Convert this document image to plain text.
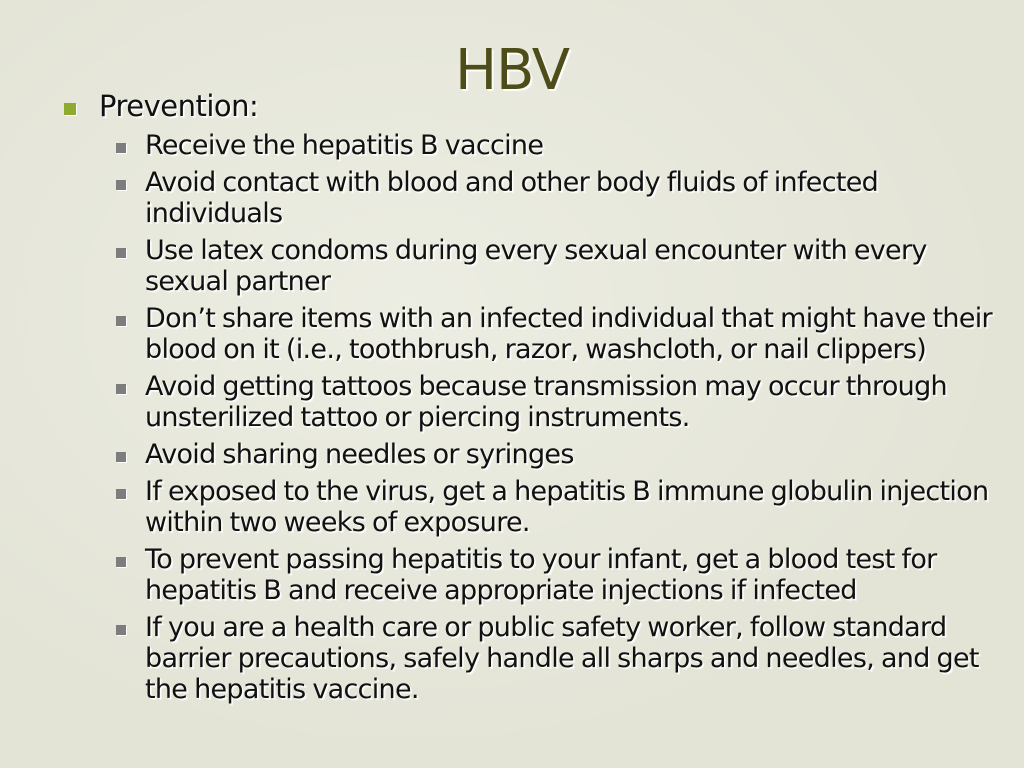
HBV
Prevention:
Receive the hepatitis B vaccine
Avoid contact with blood and other body fluids of infected individuals
Use latex condoms during every sexual encounter with every sexual partner
Don’t share items with an infected individual that might have their blood on it (i.e., toothbrush, razor, washcloth, or nail clippers)
Avoid getting tattoos because transmission may occur through unsterilized tattoo or piercing instruments.
Avoid sharing needles or syringes
If exposed to the virus, get a hepatitis B immune globulin injection within two weeks of exposure.
To prevent passing hepatitis to your infant, get a blood test for hepatitis B and receive appropriate injections if infected
If you are a health care or public safety worker, follow standard barrier precautions, safely handle all sharps and needles, and get the hepatitis vaccine.
